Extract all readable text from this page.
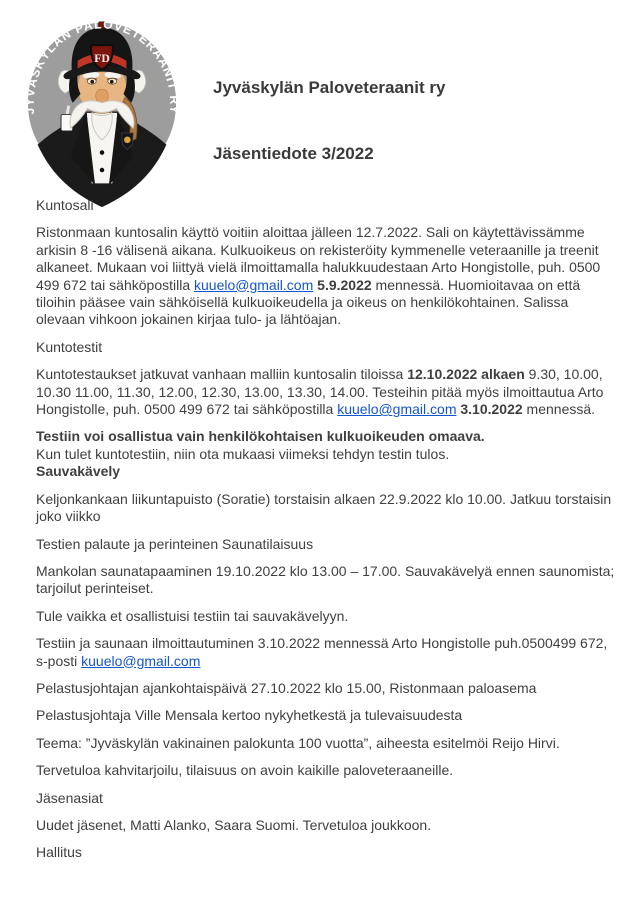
FD
JYVÄSKYLÄN PALOVETERAANIT RY
Jyväskylän Paloveteraanit ry
Jäsentiedote 3/2022

Kuntosali

Ristonmaan kuntosalin käyttö voitiin aloittaa jälleen 12.7.2022. Sali on käytettävissämme arkisin 8 -16 välisenä aikana. Kulkuoikeus on rekisteröity kymmenelle veteraanille ja treenit alkaneet. Mukaan voi liittyä vielä ilmoittamalla halukkuudestaan Arto Hongistolle, puh. 0500 499 672 tai sähköpostilla kuuelo@gmail.com 5.9.2022 mennessä. Huomioitavaa on että tiloihin pääsee vain sähköisellä kulkuoikeudella ja oikeus on henkilökohtainen. Salissa olevaan vihkoon jokainen kirjaa tulo- ja lähtöajan.

Kuntotestit

Kuntotestaukset jatkuvat vanhaan malliin kuntosalin tiloissa 12.10.2022 alkaen 9.30, 10.00, 10.30 11.00, 11.30, 12.00, 12.30, 13.00, 13.30, 14.00. Testeihin pitää myös ilmoittautua Arto Hongistolle, puh. 0500 499 672 tai sähköpostilla kuuelo@gmail.com 3.10.2022 mennessä.

Testiin voi osallistua vain henkilökohtaisen kulkuoikeuden omaava.

Kun tulet kuntotestiin, niin ota mukaasi viimeksi tehdyn testin tulos.

Sauvakävely

Keljonkankaan liikuntapuisto (Soratie) torstaisin alkaen 22.9.2022 klo 10.00. Jatkuu torstaisin joko viikko

Testien palaute ja perinteinen Saunatilaisuus

Mankolan saunatapaaminen 19.10.2022 klo 13.00 – 17.00. Sauvakävelyä ennen saunomista; tarjoilut perinteiset.

Tule vaikka et osallistuisi testiin tai sauvakävelyyn.

Testiin ja saunaan ilmoittautuminen 3.10.2022 mennessä Arto Hongistolle puh.0500499 672, s-posti kuuelo@gmail.com

Pelastusjohtajan ajankohtaispäivä 27.10.2022 klo 15.00, Ristonmaan paloasema

Pelastusjohtaja Ville Mensala kertoo nykyhetkestä ja tulevaisuudesta

Teema: ”Jyväskylän vakinainen palokunta 100 vuotta”, aiheesta esitelmöi Reijo Hirvi.

Tervetuloa kahvitarjoilu, tilaisuus on avoin kaikille paloveteraaneille.

Jäsenasiat

Uudet jäsenet, Matti Alanko, Saara Suomi. Tervetuloa joukkoon.

Hallitus
